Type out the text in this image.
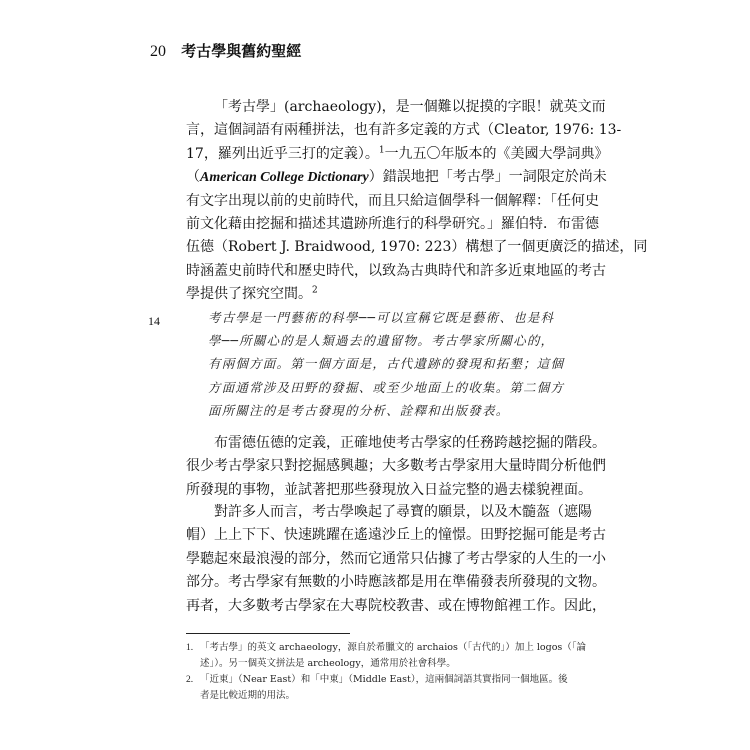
20 考古學與舊約聖經
「考古學」(archaeology)，是一個難以捉摸的字眼！就英文而
言，這個詞語有兩種拼法，也有許多定義的方式（Cleator, 1976: 13-
17，羅列出近乎三打的定義）。$^1$一九五〇年版本的《美國大學詞典》
（American College Dictionary）錯誤地把「考古學」一詞限定於尚未
有文字出現以前的史前時代，而且只給這個學科一個解釋：「任何史
前文化藉由挖掘和描述其遺跡所進行的科學研究。」羅伯特．布雷德
伍德（Robert J. Braidwood, 1970: 223）構想了一個更廣泛的描述，同
時涵蓋史前時代和歷史時代，以致為古典時代和許多近東地區的考古
學提供了探究空間。$^2$
14	考古學是一門藝術的科學──可以宣稱它既是藝術、也是科
學──所關心的是人類過去的遺留物。考古學家所關心的，
有兩個方面。第一個方面是，古代遺跡的發現和拓墾；這個
方面通常涉及田野的發掘、或至少地面上的收集。第二個方
面所關注的是考古發現的分析、詮釋和出版發表。
布雷德伍德的定義，正確地使考古學家的任務跨越挖掘的階段。
很少考古學家只對挖掘感興趣；大多數考古學家用大量時間分析他們
所發現的事物，並試著把那些發現放入日益完整的過去樣貌裡面。
對許多人而言，考古學喚起了尋寶的願景，以及木髓盔（遮陽
帽）上上下下、快速跳躍在遙遠沙丘上的憧憬。田野挖掘可能是考古
學聽起來最浪漫的部分，然而它通常只佔據了考古學家的人生的一小
部分。考古學家有無數的小時應該都是用在準備發表所發現的文物。
再者，大多數考古學家在大專院校教書、或在博物館裡工作。因此，
1. 「考古學」的英文 archaeology，源自於希臘文的 archaios（「古代的」）加上 logos（「論
述」）。另一個英文拼法是 archeology，通常用於社會科學。
2. 「近東」（Near East）和「中東」（Middle East），這兩個詞語其實指同一個地區。後
者是比較近期的用法。
